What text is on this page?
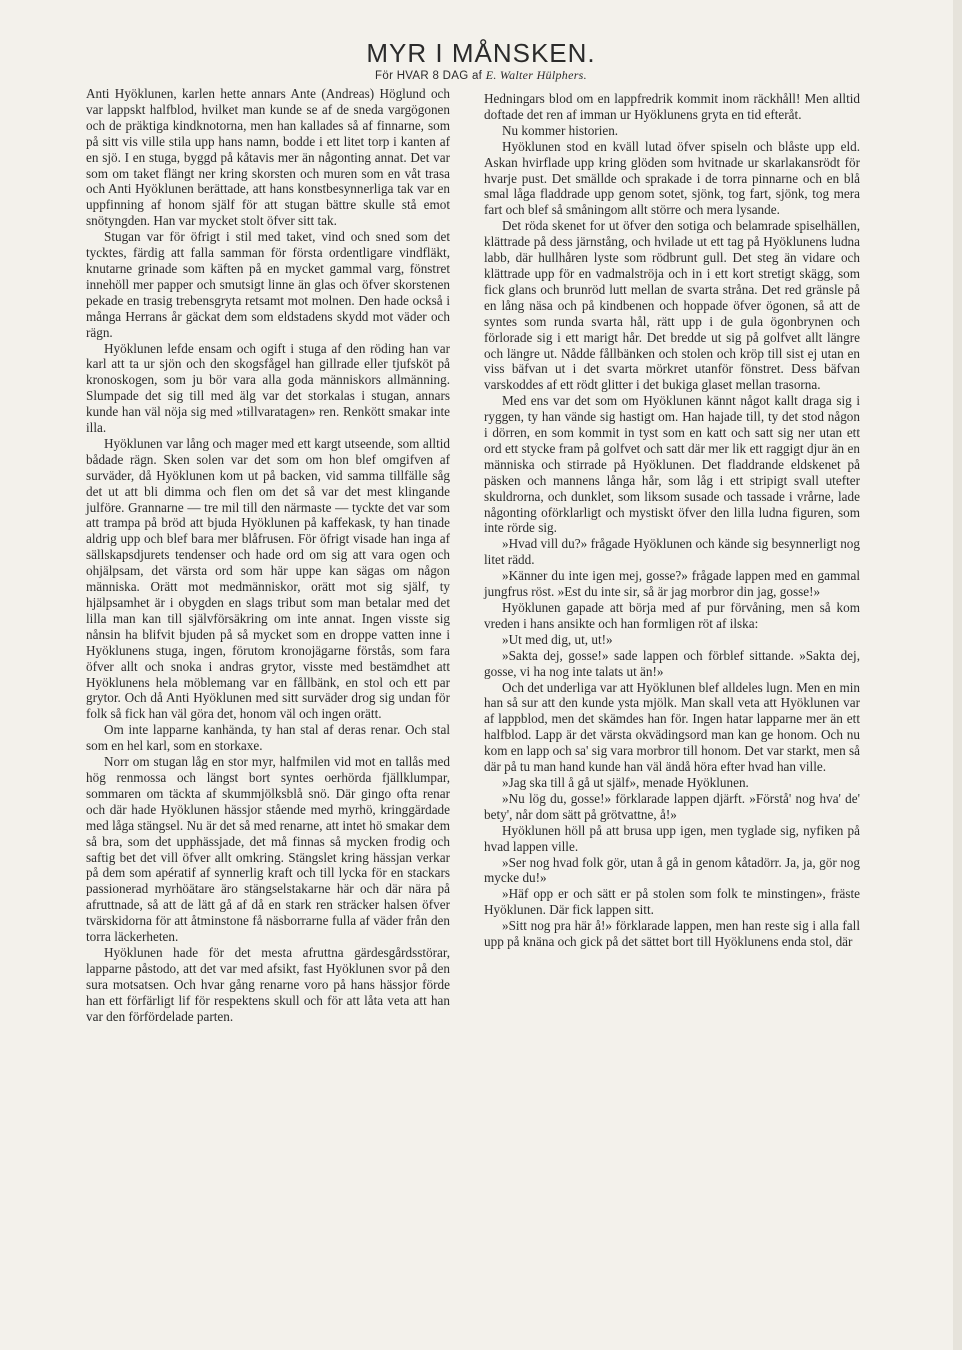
MYR I MÅNSKEN.
För HVAR 8 DAG af E. Walter Hülphers.

Anti Hyöklunen, karlen hette annars Ante (Andreas) Höglund och var lappskt halfblod, hvilket man kunde se af de sneda vargögonen och de präktiga kindknotorna, men han kallades så af finnarne, som på sitt vis ville stila upp hans namn, bodde i ett litet torp i kanten af en sjö. I en stuga, byggd på kåtavis mer än någonting annat. Det var som om taket flängt ner kring skorsten och muren som en våt trasa och Anti Hyöklunen berättade, att hans konstbesynnerliga tak var en uppfinning af honom själf för att stugan bättre skulle stå emot snötyngden. Han var mycket stolt öfver sitt tak.

Stugan var för öfrigt i stil med taket, vind och sned som det tycktes, färdig att falla samman för första ordentligare vindfläkt, knutarne grinade som käften på en mycket gammal varg, fönstret innehöll mer papper och smutsigt linne än glas och öfver skorstenen pekade en trasig trebensgryta retsamt mot molnen. Den hade också i många Herrans år gäckat dem som eldstadens skydd mot väder och rägn.

Hyöklunen lefde ensam och ogift i stuga af den röding han var karl att ta ur sjön och den skogsfågel han gillrade eller tjufsköt på kronoskogen, som ju bör vara alla goda människors allmänning. Slumpade det sig till med älg var det storkalas i stugan, annars kunde han väl nöja sig med »tillvaratagen» ren. Renkött smakar inte illa.

Hyöklunen var lång och mager med ett kargt utseende, som alltid bådade rägn. Sken solen var det som om hon blef omgifven af surväder, då Hyöklunen kom ut på backen, vid samma tillfälle såg det ut att bli dimma och flen om det så var det mest klingande julföre. Grannarne — tre mil till den närmaste — tyckte det var som att trampa på bröd att bjuda Hyöklunen på kaffekask, ty han tinade aldrig upp och blef bara mer blåfrusen. För öfrigt visade han inga af sällskapsdjurets tendenser och hade ord om sig att vara ogen och ohjälpsam, det värsta ord som här uppe kan sägas om någon människa. Orätt mot medmänniskor, orätt mot sig själf, ty hjälpsamhet är i obygden en slags tribut som man betalar med det lilla man kan till självförsäkring om inte annat. Ingen visste sig nånsin ha blifvit bjuden på så mycket som en droppe vatten inne i Hyöklunens stuga, ingen, förutom kronojägarne förstås, som fara öfver allt och snoka i andras grytor, visste med bestämdhet att Hyöklunens hela möblemang var en fållbänk, en stol och ett par grytor. Och då Anti Hyöklunen med sitt surväder drog sig undan för folk så fick han väl göra det, honom väl och ingen orätt.

Om inte lapparne kanhända, ty han stal af deras renar. Och stal som en hel karl, som en storkaxe.

Norr om stugan låg en stor myr, halfmilen vid mot en tallås med hög renmossa och längst bort syntes oerhörda fjällklumpar, sommaren om täckta af skummjölksblå snö. Där gingo ofta renar och där hade Hyöklunen hässjor stående med myrhö, kringgärdade med låga stängsel. Nu är det så med renarne, att intet hö smakar dem så bra, som det upphässjade, det må finnas så mycken frodig och saftig bet det vill öfver allt omkring. Stängslet kring hässjan verkar på dem som apératif af synnerlig kraft och till lycka för en stackars passionerad myrhöätare äro stängselstakarne här och där nära på afruttnade, så att de lätt gå af då en stark ren sträcker halsen öfver tvärskidorna för att åtminstone få näsborrarne fulla af väder från den torra läckerheten.

Hyöklunen hade för det mesta afruttna gärdesgårdsstörar, lapparne påstodo, att det var med afsikt, fast Hyöklunen svor på den sura motsatsen. Och hvar gång renarne voro på hans hässjor förde han ett förfärligt lif för respektens skull och för att låta veta att han var den förfördelade parten.

Hedningars blod om en lappfredrik kommit inom räckhåll! Men alltid doftade det ren af imman ur Hyöklunens gryta en tid efteråt.

Nu kommer historien.

Hyöklunen stod en kväll lutad öfver spiseln och blåste upp eld. Askan hvirflade upp kring glöden som hvitnade ur skarlakansrödt för hvarje pust. Det smällde och sprakade i de torra pinnarne och en blå smal låga fladdrade upp genom sotet, sjönk, tog fart, sjönk, tog mera fart och blef så småningom allt större och mera lysande.

Det röda skenet for ut öfver den sotiga och belamrade spiselhällen, klättrade på dess järnstång, och hvilade ut ett tag på Hyöklunens ludna labb, där hullhåren lyste som rödbrunt gull. Det steg än vidare och klättrade upp för en vadmalströja och in i ett kort stretigt skägg, som fick glans och brunröd lutt mellan de svarta stråna. Det red gränsle på en lång näsa och på kindbenen och hoppade öfver ögonen, så att de syntes som runda svarta hål, rätt upp i de gula ögonbrynen och förlorade sig i ett marigt hår. Det bredde ut sig på golfvet allt längre och längre ut. Nådde fållbänken och stolen och kröp till sist ej utan en viss bäfvan ut i det svarta mörkret utanför fönstret. Dess bäfvan varskoddes af ett rödt glitter i det bukiga glaset mellan trasorna.

Med ens var det som om Hyöklunen kännt något kallt draga sig i ryggen, ty han vände sig hastigt om. Han hajade till, ty det stod någon i dörren, en som kommit in tyst som en katt och satt sig ner utan ett ord ett stycke fram på golfvet och satt där mer lik ett raggigt djur än en människa och stirrade på Hyöklunen. Det fladdrande eldskenet på päsken och mannens långa hår, som låg i ett stripigt svall utefter skuldrorna, och dunklet, som liksom susade och tassade i vrårne, lade någonting oförklarligt och mystiskt öfver den lilla ludna figuren, som inte rörde sig.

»Hvad vill du?» frågade Hyöklunen och kände sig besynnerligt nog litet rädd.

»Känner du inte igen mej, gosse?» frågade lappen med en gammal jungfrus röst. »Est du inte sir, så är jag morbror din jag, gosse!»

Hyöklunen gapade att börja med af pur förvåning, men så kom vreden i hans ansikte och han formligen röt af ilska:

»Ut med dig, ut, ut!»

»Sakta dej, gosse!» sade lappen och förblef sittande. »Sakta dej, gosse, vi ha nog inte talats ut än!»

Och det underliga var att Hyöklunen blef alldeles lugn. Men en min han så sur att den kunde ysta mjölk. Man skall veta att Hyöklunen var af lappblod, men det skämdes han för. Ingen hatar lapparne mer än ett halfblod. Lapp är det värsta okvädingsord man kan ge honom. Och nu kom en lapp och sa' sig vara morbror till honom. Det var starkt, men så där på tu man hand kunde han väl ändå höra efter hvad han ville.

»Jag ska till å gå ut själf», menade Hyöklunen.

»Nu lög du, gosse!» förklarade lappen djärft. »Förstå' nog hva' de' bety', når dom sätt på grötvattne, å!»

Hyöklunen höll på att brusa upp igen, men tyglade sig, nyfiken på hvad lappen ville.

»Ser nog hvad folk gör, utan å gå in genom kåtadörr. Ja, ja, gör nog mycke du!»

»Häf opp er och sätt er på stolen som folk te minstingen», fräste Hyöklunen. Där fick lappen sitt.

»Sitt nog pra här å!» förklarade lappen, men han reste sig i alla fall upp på knäna och gick på det sättet bort till Hyöklunens enda stol, där
